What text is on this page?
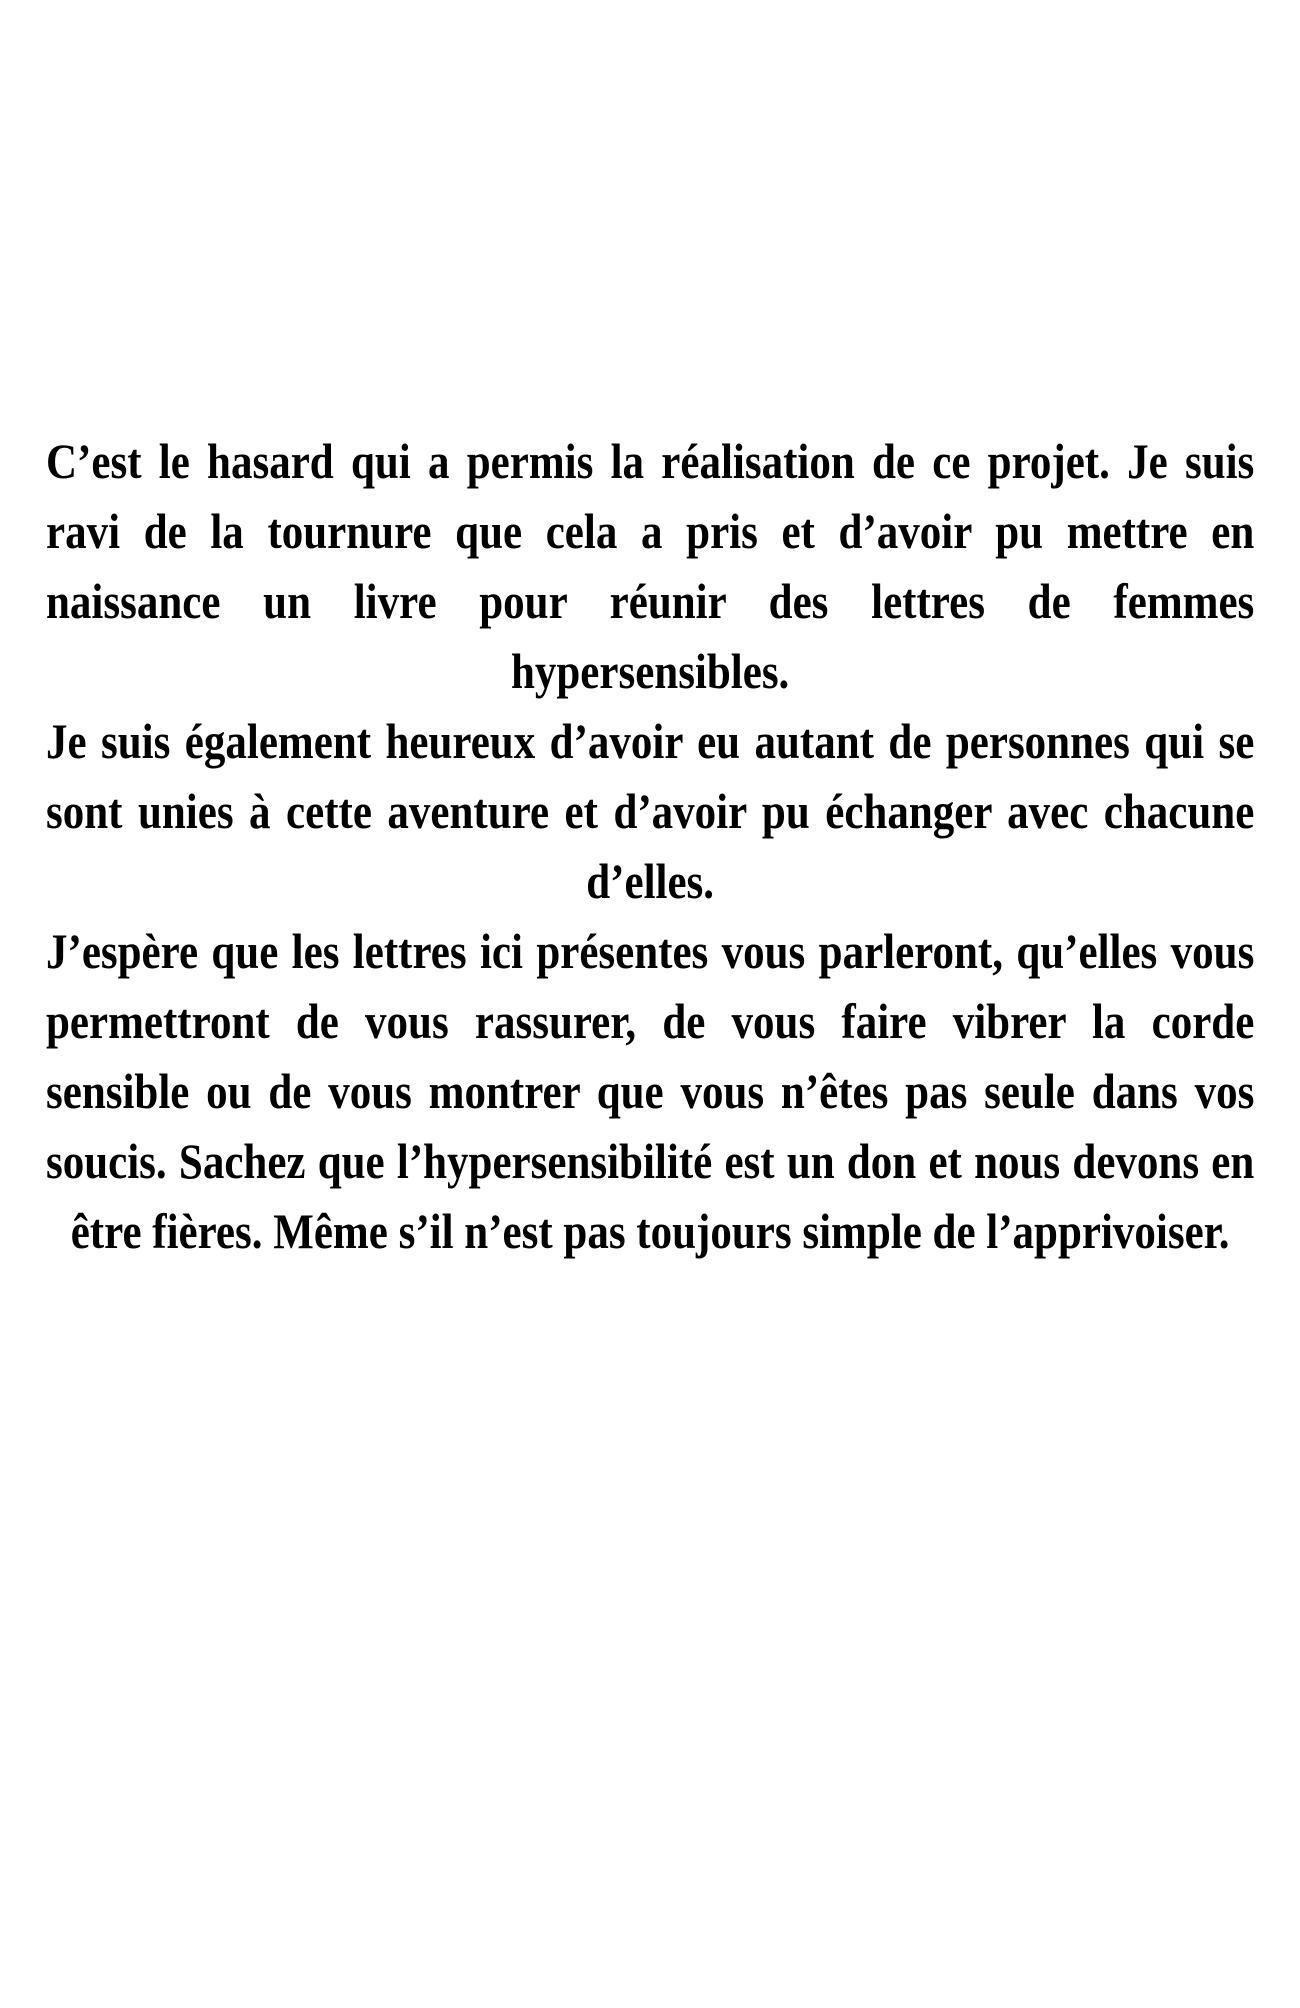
C’est le hasard qui a permis la réalisation de ce projet. Je suis ravi de la tournure que cela a pris et d’avoir pu mettre en naissance un livre pour réunir des lettres de femmes hypersensibles.

Je suis également heureux d’avoir eu autant de personnes qui se sont unies à cette aventure et d’avoir pu échanger avec chacune d’elles.

J’espère que les lettres ici présentes vous parleront, qu’elles vous permettront de vous rassurer, de vous faire vibrer la corde sensible ou de vous montrer que vous n’êtes pas seule dans vos soucis. Sachez que l’hypersensibilité est un don et nous devons en être fières. Même s’il n’est pas toujours simple de l’apprivoiser.
